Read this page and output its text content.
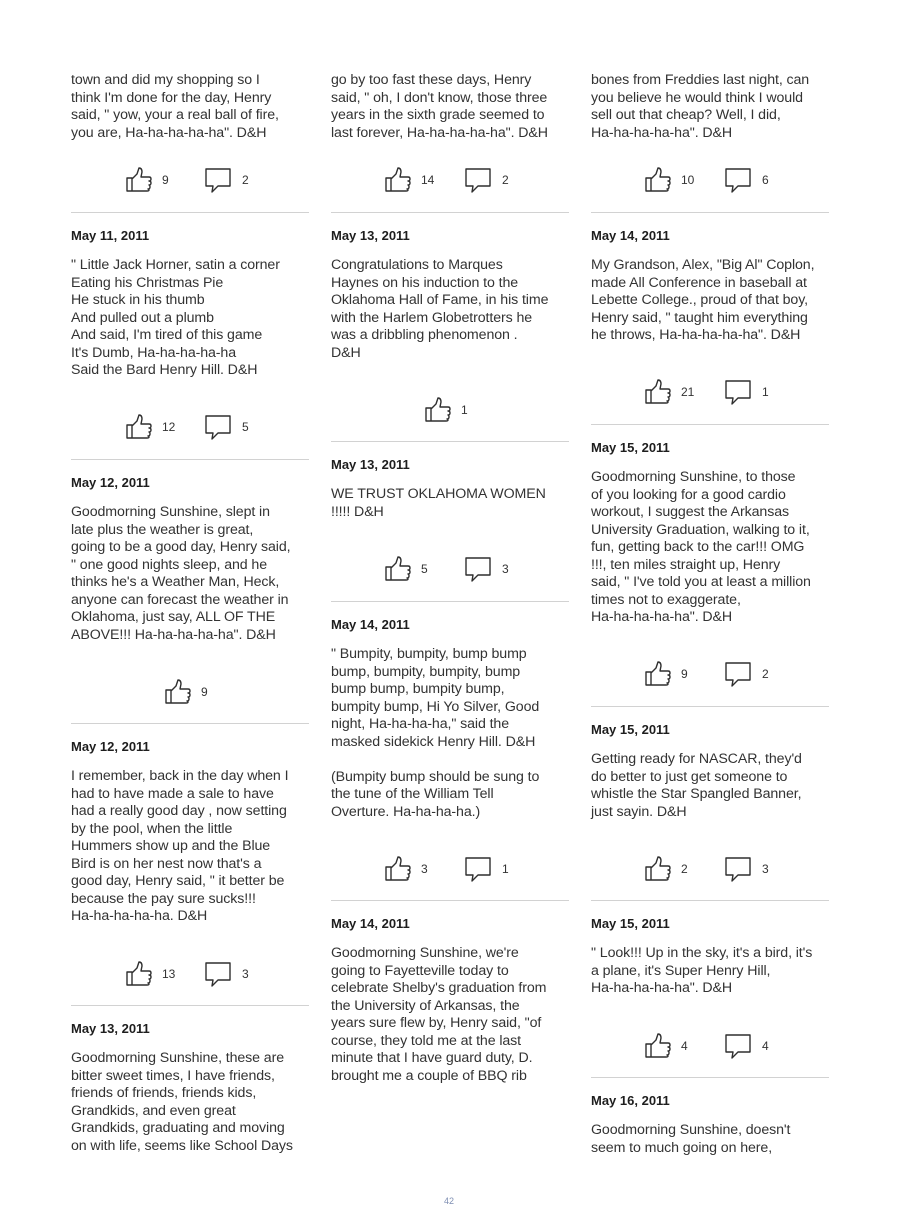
town and did my shopping so I
think I'm done for the day, Henry
said, " yow, your a real ball of fire,
you are, Ha-ha-ha-ha-ha". D&H
9	2
May 11, 2011
" Little Jack Horner, satin a corner
Eating his Christmas Pie
He stuck in his thumb
And pulled out a plumb
And said, I'm tired of this game
It's Dumb, Ha-ha-ha-ha-ha
Said the Bard Henry Hill. D&H
12	5
May 12, 2011
Goodmorning Sunshine, slept in
late plus the weather is great,
going to be a good day, Henry said,
" one good nights sleep, and he
thinks he's a Weather Man, Heck,
anyone can forecast the weather in
Oklahoma, just say, ALL OF THE
ABOVE!!! Ha-ha-ha-ha-ha". D&H
9
May 12, 2011
I remember, back in the day when I
had to have made a sale to have
had a really good day , now setting
by the pool, when the little
Hummers show up and the Blue
Bird is on her nest now that's a
good day, Henry said, " it better be
because the pay sure sucks!!!
Ha-ha-ha-ha-ha. D&H
13	3
May 13, 2011
Goodmorning Sunshine, these are
bitter sweet times, I have friends,
friends of friends, friends kids,
Grandkids, and even great
Grandkids, graduating and moving
on with life, seems like School Days
go by too fast these days, Henry
said, " oh, I don't know, those three
years in the sixth grade seemed to
last forever, Ha-ha-ha-ha-ha". D&H
14	2
May 13, 2011
Congratulations to Marques
Haynes on his induction to the
Oklahoma Hall of Fame, in his time
with the Harlem Globetrotters he
was a dribbling phenomenon .
D&H
1
May 13, 2011
WE TRUST OKLAHOMA WOMEN
!!!!! D&H
5	3
May 14, 2011
" Bumpity, bumpity, bump bump
bump, bumpity, bumpity, bump
bump bump, bumpity bump,
bumpity bump, Hi Yo Silver, Good
night, Ha-ha-ha-ha," said the
masked sidekick Henry Hill. D&H

(Bumpity bump should be sung to
the tune of the William Tell
Overture. Ha-ha-ha-ha.)
3	1
May 14, 2011
Goodmorning Sunshine, we're
going to Fayetteville today to
celebrate Shelby's graduation from
the University of Arkansas, the
years sure flew by, Henry said, "of
course, they told me at the last
minute that I have guard duty, D.
brought me a couple of BBQ rib
bones from Freddies last night, can
you believe he would think I would
sell out that cheap? Well, I did,
Ha-ha-ha-ha-ha". D&H
10	6
May 14, 2011
My Grandson, Alex, "Big Al" Coplon,
made All Conference in baseball at
Lebette College., proud of that boy,
Henry said, " taught him everything
he throws, Ha-ha-ha-ha-ha". D&H
21	1
May 15, 2011
Goodmorning Sunshine, to those
of you looking for a good cardio
workout, I suggest the Arkansas
University Graduation, walking to it,
fun, getting back to the car!!! OMG
!!!, ten miles straight up, Henry
said, " I've told you at least a million
times not to exaggerate,
Ha-ha-ha-ha-ha". D&H
9	2
May 15, 2011
Getting ready for NASCAR, they'd
do better to just get someone to
whistle the Star Spangled Banner,
just sayin. D&H
2	3
May 15, 2011
" Look!!! Up in the sky, it's a bird, it's
a plane, it's Super Henry Hill,
Ha-ha-ha-ha-ha". D&H
4	4
May 16, 2011
Goodmorning Sunshine, doesn't
seem to much going on here,
42
